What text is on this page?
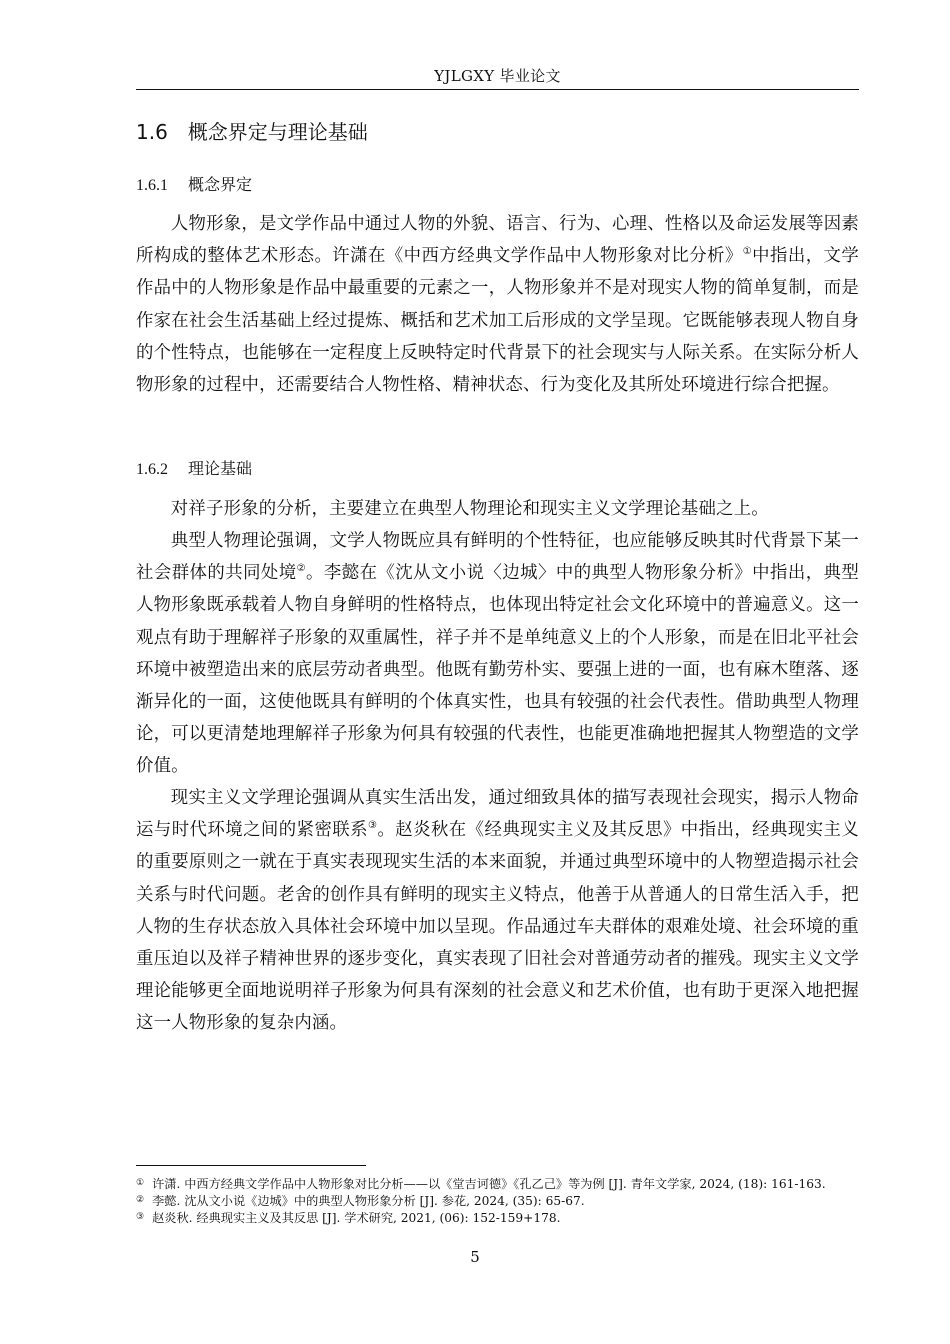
YJLGXY 毕业论文
1.6 概念界定与理论基础
1.6.1 概念界定

人物形象，是文学作品中通过人物的外貌、语言、行为、心理、性格以及命运发展等因素所构成的整体艺术形态。许潇在《中西方经典文学作品中人物形象对比分析》①中指出，文学作品中的人物形象是作品中最重要的元素之一，人物形象并不是对现实人物的简单复制，而是作家在社会生活基础上经过提炼、概括和艺术加工后形成的文学呈现。它既能够表现人物自身的个性特点，也能够在一定程度上反映特定时代背景下的社会现实与人际关系。在实际分析人物形象的过程中，还需要结合人物性格、精神状态、行为变化及其所处环境进行综合把握。

1.6.2 理论基础

对祥子形象的分析，主要建立在典型人物理论和现实主义文学理论基础之上。

典型人物理论强调，文学人物既应具有鲜明的个性特征，也应能够反映其时代背景下某一社会群体的共同处境②。李懿在《沈从文小说〈边城〉中的典型人物形象分析》中指出，典型人物形象既承载着人物自身鲜明的性格特点，也体现出特定社会文化环境中的普遍意义。这一观点有助于理解祥子形象的双重属性，祥子并不是单纯意义上的个人形象，而是在旧北平社会环境中被塑造出来的底层劳动者典型。他既有勤劳朴实、要强上进的一面，也有麻木堕落、逐渐异化的一面，这使他既具有鲜明的个体真实性，也具有较强的社会代表性。借助典型人物理论，可以更清楚地理解祥子形象为何具有较强的代表性，也能更准确地把握其人物塑造的文学价值。

现实主义文学理论强调从真实生活出发，通过细致具体的描写表现社会现实，揭示人物命运与时代环境之间的紧密联系③。赵炎秋在《经典现实主义及其反思》中指出，经典现实主义的重要原则之一就在于真实表现现实生活的本来面貌，并通过典型环境中的人物塑造揭示社会关系与时代问题。老舍的创作具有鲜明的现实主义特点，他善于从普通人的日常生活入手，把人物的生存状态放入具体社会环境中加以呈现。作品通过车夫群体的艰难处境、社会环境的重重压迫以及祥子精神世界的逐步变化，真实表现了旧社会对普通劳动者的摧残。现实主义文学理论能够更全面地说明祥子形象为何具有深刻的社会意义和艺术价值，也有助于更深入地把握这一人物形象的复杂内涵。

① 许潇. 中西方经典文学作品中人物形象对比分析——以《堂吉诃德》《孔乙己》等为例 [J]. 青年文学家, 2024, (18): 161-163.

② 李懿. 沈从文小说《边城》中的典型人物形象分析 [J]. 参花, 2024, (35): 65-67.

③ 赵炎秋. 经典现实主义及其反思 [J]. 学术研究, 2021, (06): 152-159+178.

5
